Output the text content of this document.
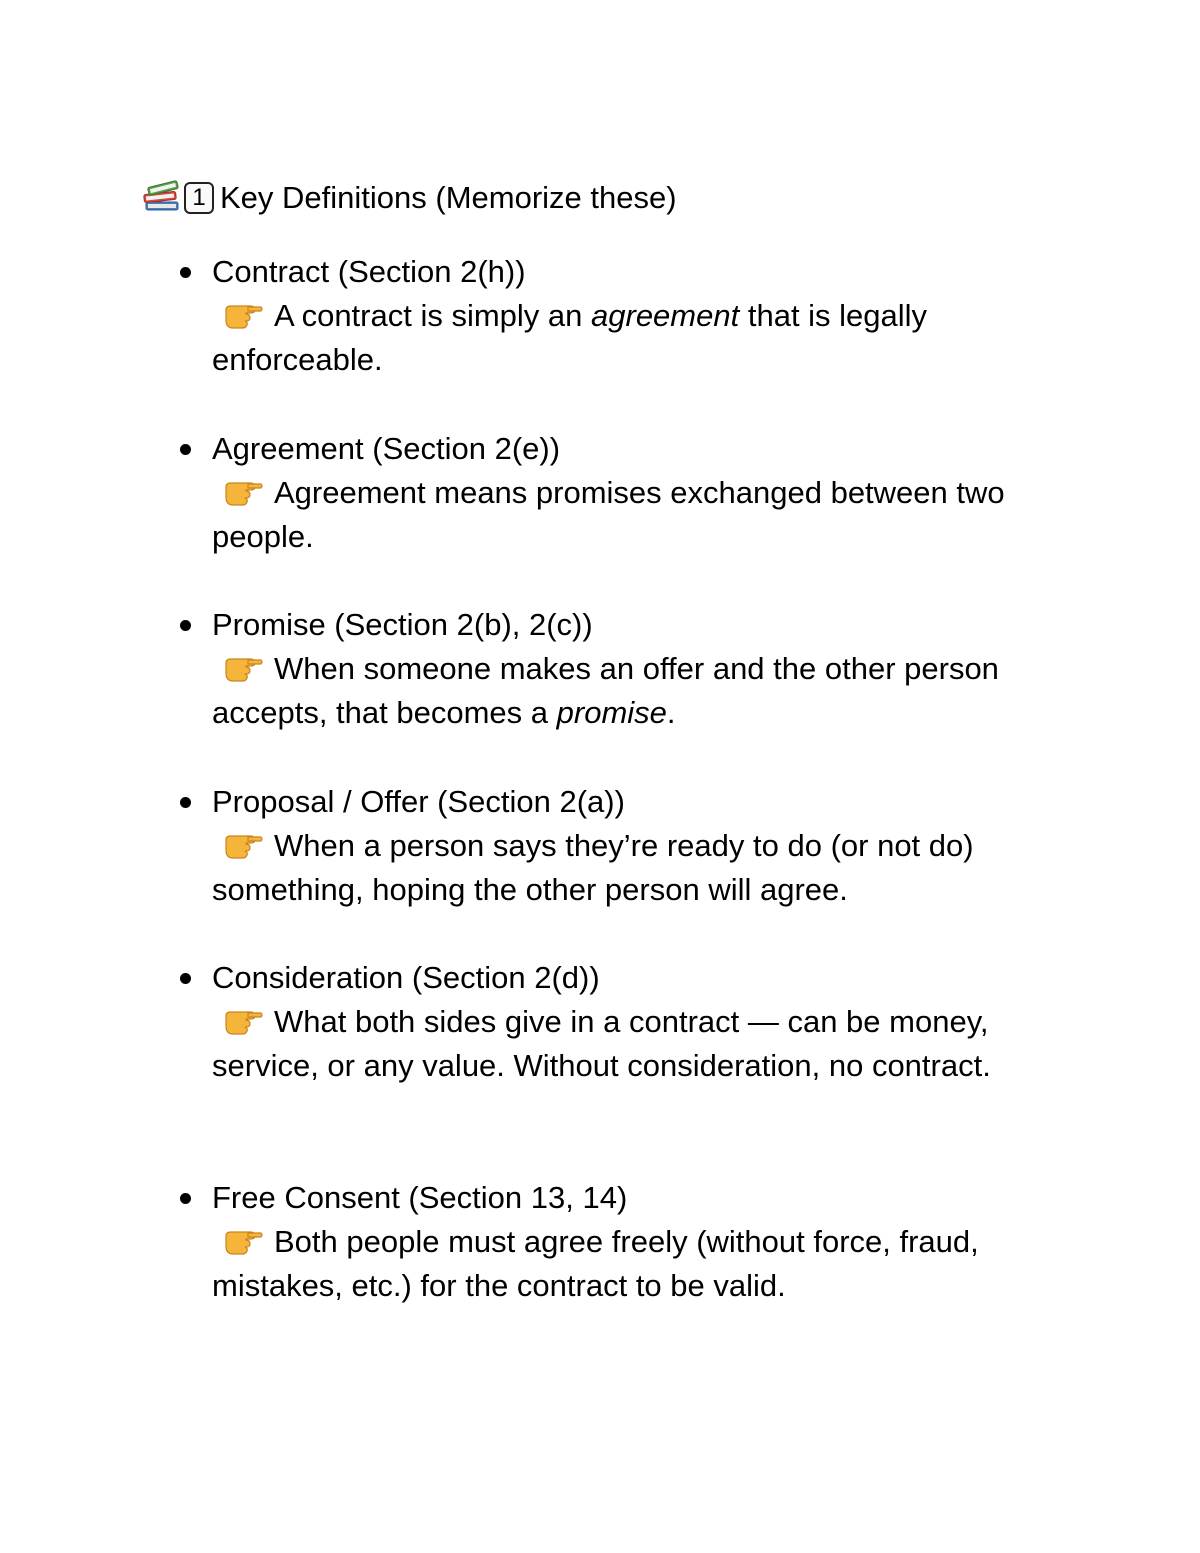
1 Key Definitions (Memorize these)
Contract (Section 2(h))
A contract is simply an agreement that is legally enforceable.
Agreement (Section 2(e))
Agreement means promises exchanged between two people.
Promise (Section 2(b), 2(c))
When someone makes an offer and the other person accepts, that becomes a promise.
Proposal / Offer (Section 2(a))
When a person says they’re ready to do (or not do) something, hoping the other person will agree.
Consideration (Section 2(d))
What both sides give in a contract — can be money, service, or any value. Without consideration, no contract.
Free Consent (Section 13, 14)
Both people must agree freely (without force, fraud, mistakes, etc.) for the contract to be valid.
